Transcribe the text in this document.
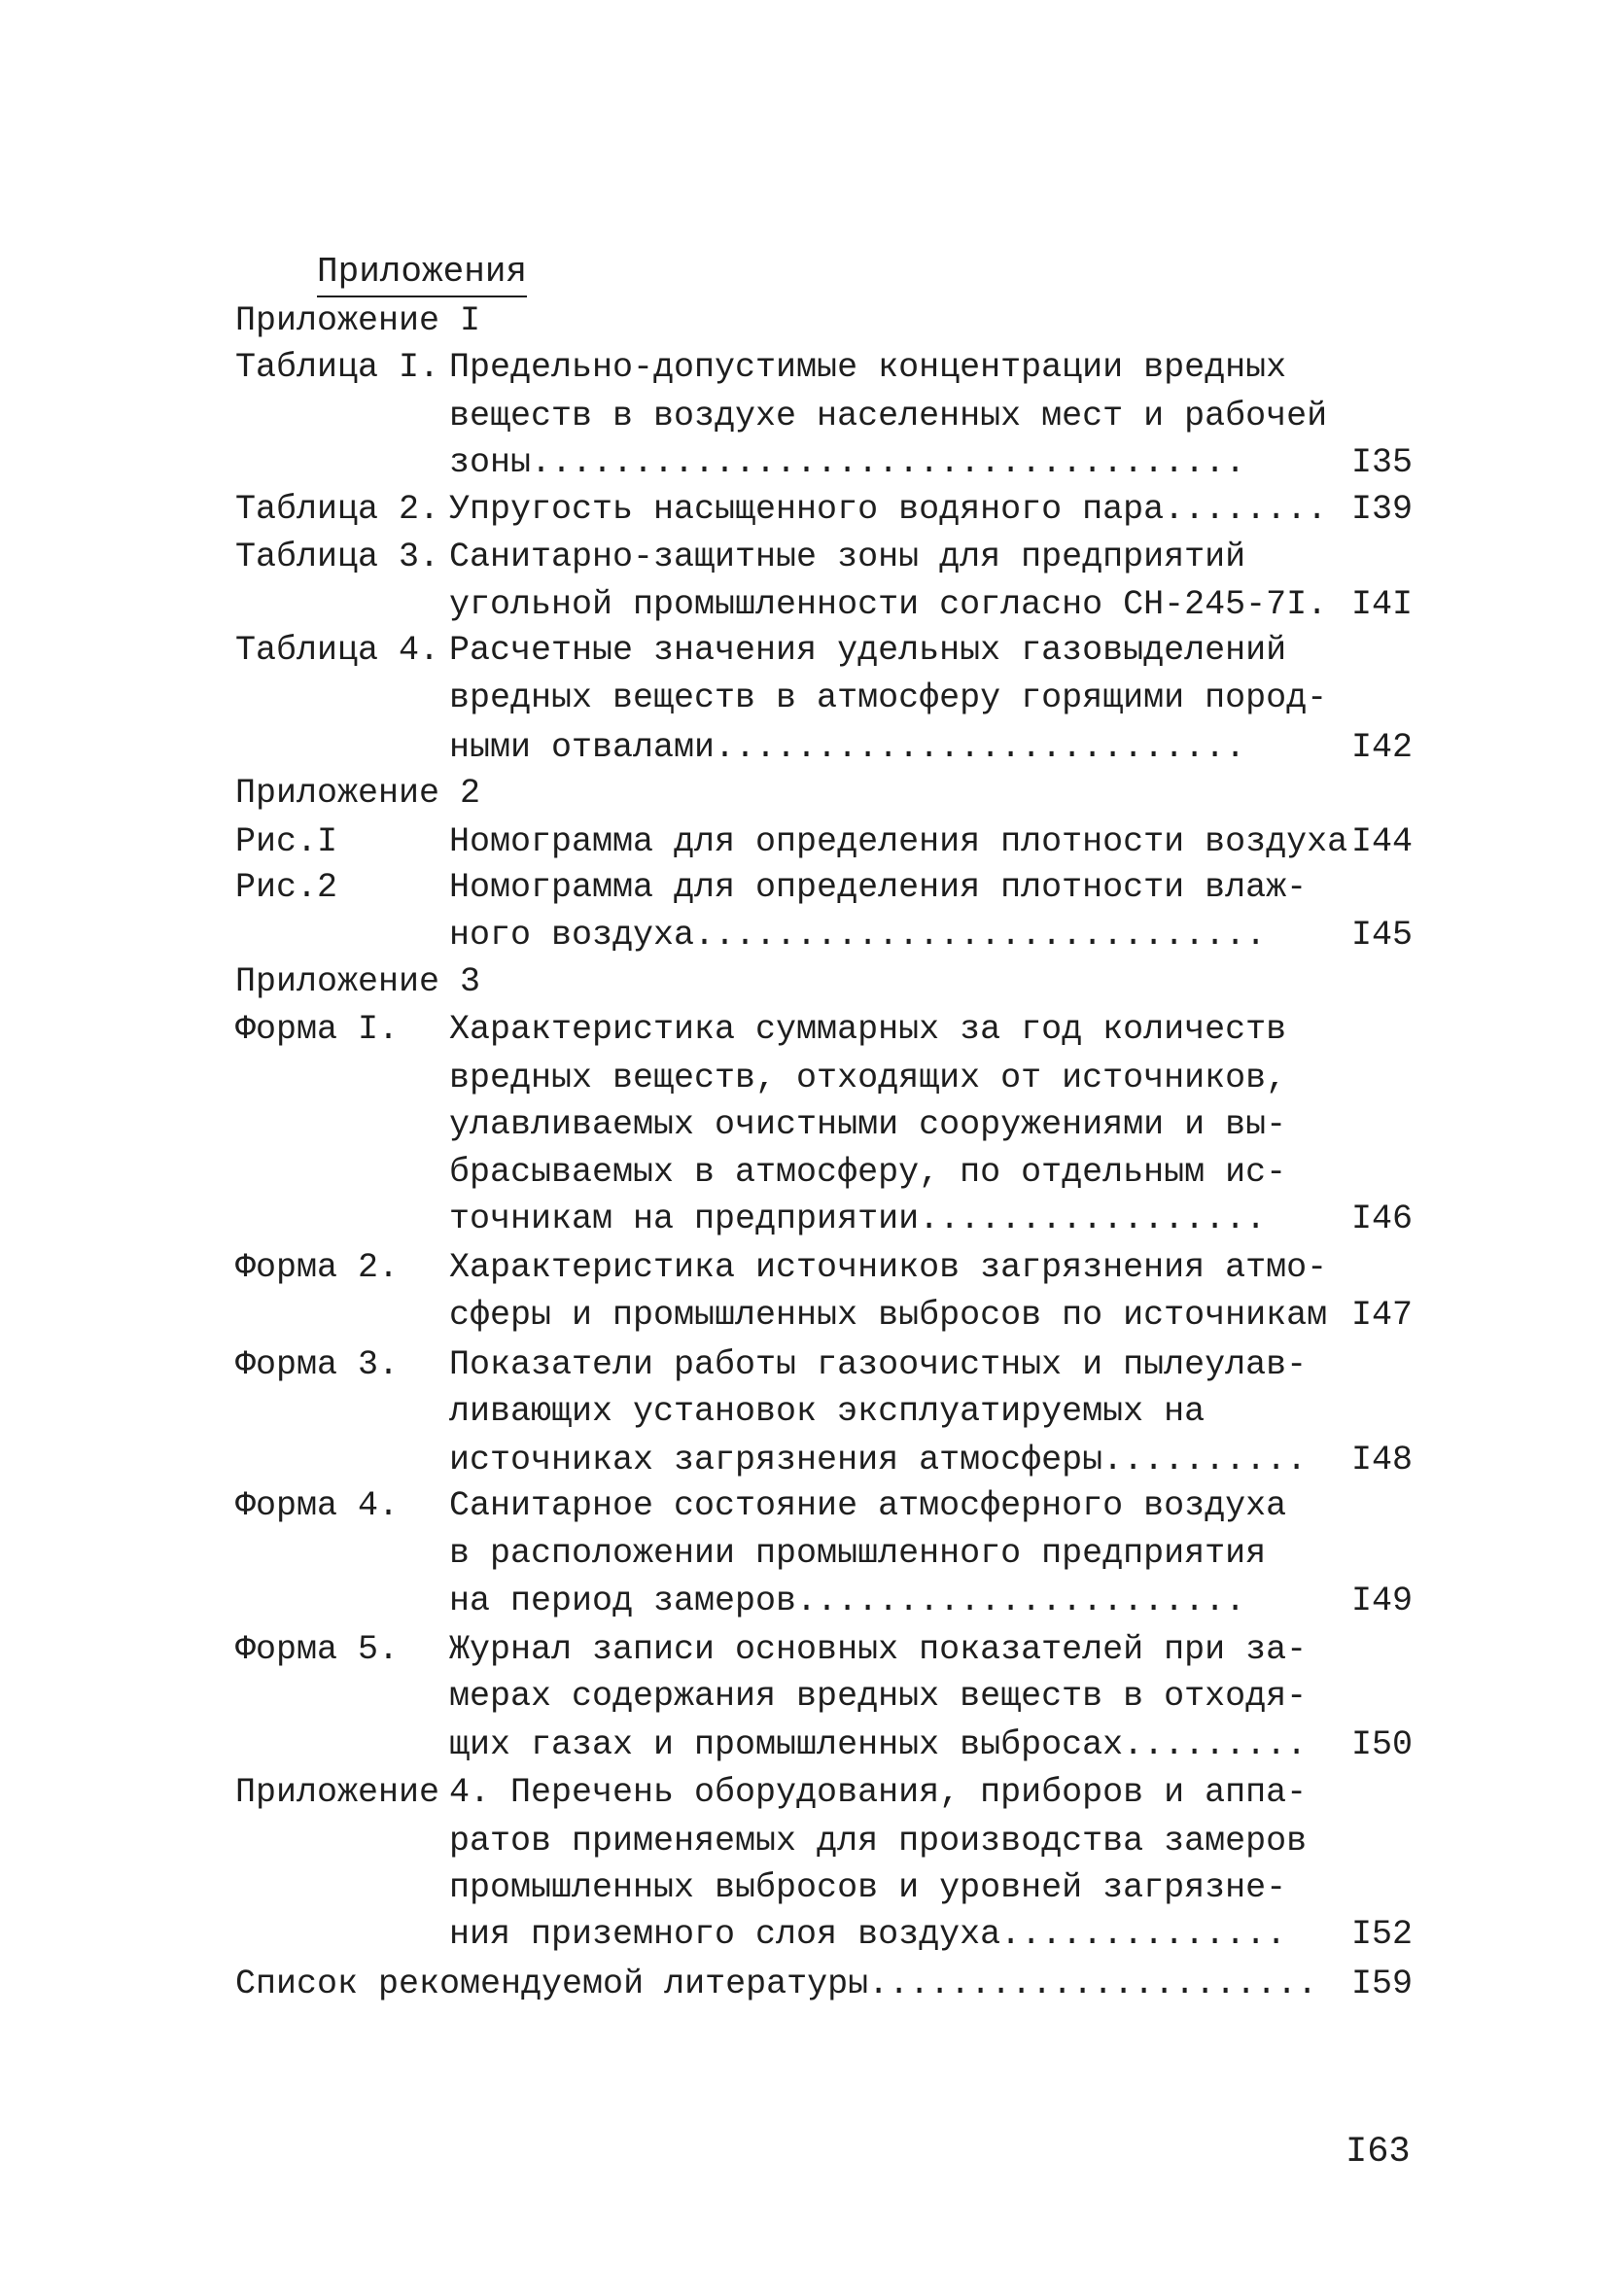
Приложения
Приложение I
Таблица I. Предельно-допустимые концентрации вредных
веществ в воздухе населенных мест и рабочей
зоны...................................	I35
Таблица 2. Упругость насыщенного водяного пара........ I39
Таблица 3. Санитарно-защитные зоны для предприятий
угольной промышленности согласно СН-245-7I. I4I
Таблица 4. Расчетные значения удельных газовыделений
вредных веществ в атмосферу горящими пород-
ными отвалами..........................	I42
Приложение 2
Рис.I	Номограмма для определения плотности воздуха I44
Рис.2	Номограмма для определения плотности влаж-
ного воздуха............................	I45
Приложение 3
Форма I. Характеристика суммарных за год количеств
вредных веществ, отходящих от источников,
улавливаемых очистными сооружениями и вы-
брасываемых в атмосферу, по отдельным ис-
точникам на предприятии.................	I46
Форма 2. Характеристика источников загрязнения атмо-
сферы и промышленных выбросов по источникам I47
Форма 3. Показатели работы газоочистных и пылеулав-
ливающих установок эксплуатируемых на
источниках загрязнения атмосферы.......... I48
Форма 4. Санитарное состояние атмосферного воздуха
в расположении промышленного предприятия
на период замеров......................	I49
Форма 5. Журнал записи основных показателей при за-
мерах содержания вредных веществ в отходя-
щих газах и промышленных выбросах......... I50
Приложение 4. Перечень оборудования, приборов и аппа-
ратов применяемых для производства замеров
промышленных выбросов и уровней загрязне-
ния приземного слоя воздуха.............. I52
Список рекомендуемой литературы...................... I59
I63
